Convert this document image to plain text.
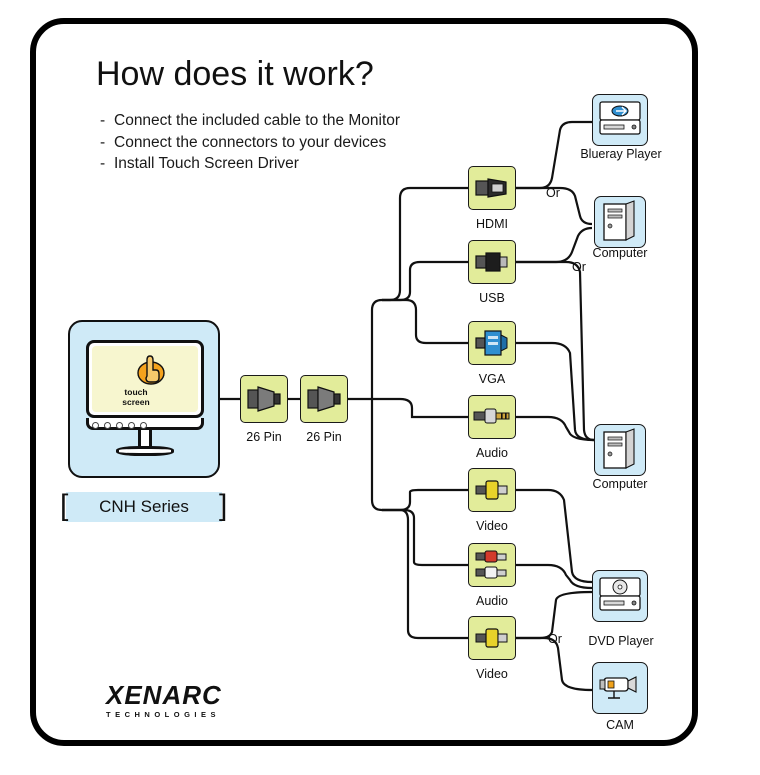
How does it work?
- Connect the included cable to the Monitor
- Connect the connectors to your devices
- Install Touch Screen Driver
touch
screen
CNH Series
[	]
26 Pin	26 Pin
HDMI
USB
VGA
Audio
Video
Audio
Video
Or
Or
Or
Blueray Player
Computer
Computer
DVD Player
CAM
XENARC
TECHNOLOGIES
